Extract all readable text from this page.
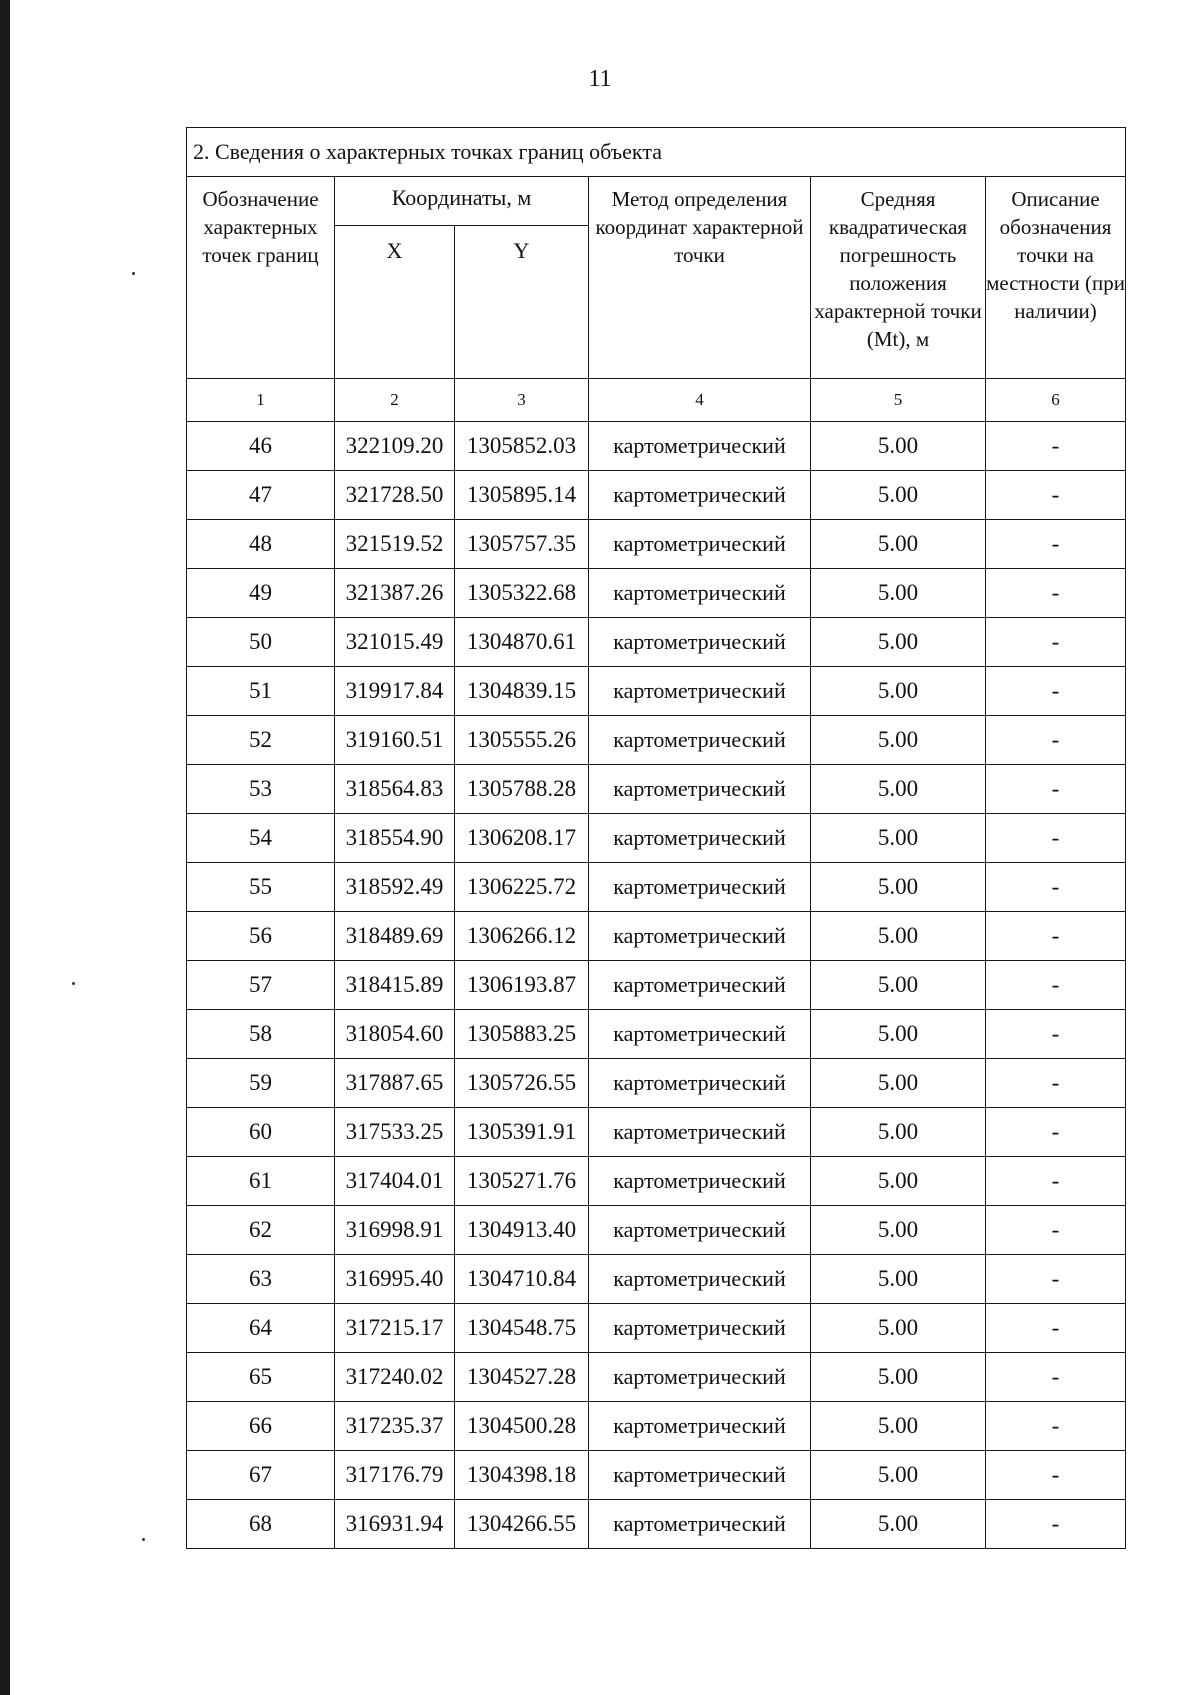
11
2. Сведения о характерных точках границ объекта					
Обозначение характерных точек границ	Координаты, м		Метод определения координат характерной точки	Средняя квадратическая погрешность положения характерной точки (Mt), м	Описание обозначения точки на местности (при наличии)
	X	Y			
1	2	3	4	5	6
46	322109.20	1305852.03	картометрический	5.00	-
47	321728.50	1305895.14	картометрический	5.00	-
48	321519.52	1305757.35	картометрический	5.00	-
49	321387.26	1305322.68	картометрический	5.00	-
50	321015.49	1304870.61	картометрический	5.00	-
51	319917.84	1304839.15	картометрический	5.00	-
52	319160.51	1305555.26	картометрический	5.00	-
53	318564.83	1305788.28	картометрический	5.00	-
54	318554.90	1306208.17	картометрический	5.00	-
55	318592.49	1306225.72	картометрический	5.00	-
56	318489.69	1306266.12	картометрический	5.00	-
57	318415.89	1306193.87	картометрический	5.00	-
58	318054.60	1305883.25	картометрический	5.00	-
59	317887.65	1305726.55	картометрический	5.00	-
60	317533.25	1305391.91	картометрический	5.00	-
61	317404.01	1305271.76	картометрический	5.00	-
62	316998.91	1304913.40	картометрический	5.00	-
63	316995.40	1304710.84	картометрический	5.00	-
64	317215.17	1304548.75	картометрический	5.00	-
65	317240.02	1304527.28	картометрический	5.00	-
66	317235.37	1304500.28	картометрический	5.00	-
67	317176.79	1304398.18	картометрический	5.00	-
68	316931.94	1304266.55	картометрический	5.00	-
